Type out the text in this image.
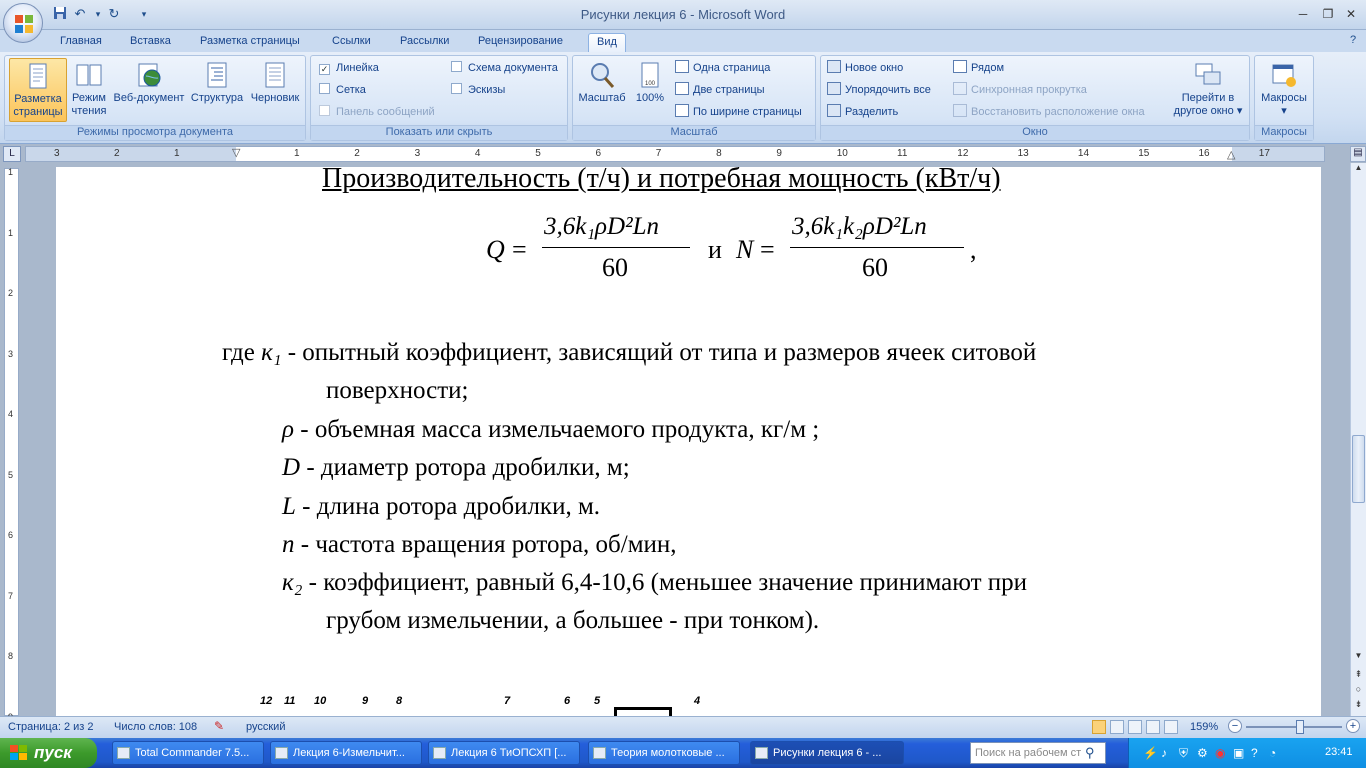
Рисунки лекция 6 - Microsoft Word
↶	▾ ↻	▾	─	❐	✕
Главная	Вставка	Разметка страницы	Ссылки	Рассылки	Рецензирование	Вид	?
Разметка
страницы
Режим
чтения
Веб-документ Структура Черновик
Режимы просмотра документа
✓ Линейка
Сетка
Панель сообщений
Схема документа
Эскизы
Показать или скрыть
Масштаб
100
100%
Одна страница
Две страницы
По ширине страницы
Масштаб
Новое окно
Упорядочить все
Разделить
Рядом
Синхронная прокрутка
Восстановить расположение окна
Перейти в
другое окно ▾
Окно
Макросы
▾
Макросы
L	3	2	1	1	2	3	4	5	6	7	8	9	10	11	12	13	14	15	16	17
▽	△
1
1
2
3
4
5
6
7
8
▤
Производительность (т/ч) и потребная мощность (кВт/ч)
Q =
3,6k₁ρD²Ln
60
и N =
3,6k₁k₂ρD²Ln
60
,
где к₁ - опытный коэффициент, зависящий от типа и размеров ячеек ситовой
поверхности;
ρ - объемная масса измельчаемого продукта, кг/м ;
D - диаметр ротора дробилки, м;
L - длина ротора дробилки, м.
n - частота вращения ротора, об/мин,
к₂ - коэффициент, равный 6,4-10,6 (меньшее значение принимают при
грубом измельчении, а большее - при тонком).
12 11 10	9	8	7	6 5	4
▲
▼
⇞
○
⇟
Страница: 2 из 2 Число слов: 108 ✎ русский	159%	−	+
пуск	Total Commander 7.5...	Лекция 6-Измельчит...	Лекция 6 ТиОПСХП [...	Теория молотковые ...	Рисунки лекция 6 - ...	Поиск на рабочем ст ⚲	⚡ ♪ ⛨ ⚙ ◉ ▣ ? ◔	23:41
